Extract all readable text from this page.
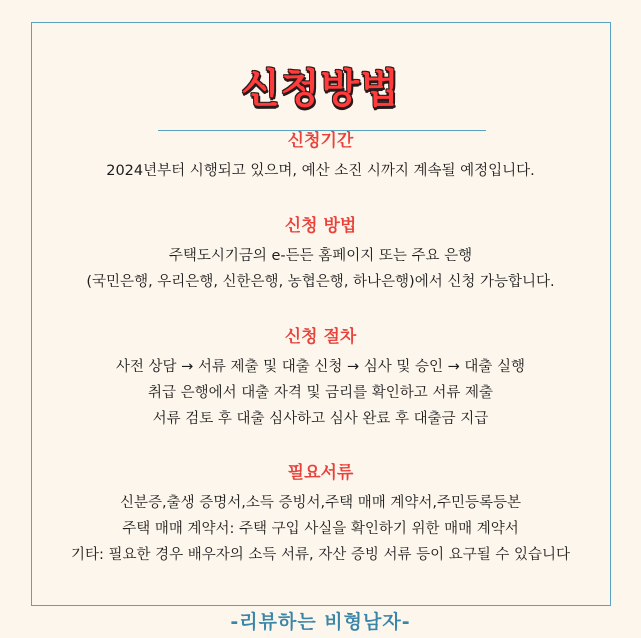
신청방법
신청기간
2024년부터 시행되고 있으며, 예산 소진 시까지 계속될 예정입니다.
신청 방법
주택도시기금의 e-든든 홈페이지 또는 주요 은행
(국민은행, 우리은행, 신한은행, 농협은행, 하나은행)에서 신청 가능합니다.
신청 절차
사전 상담 → 서류 제출 및 대출 신청 → 심사 및 승인 → 대출 실행
취급 은행에서 대출 자격 및 금리를 확인하고 서류 제출
서류 검토 후 대출 심사하고 심사 완료 후 대출금 지급
필요서류
신분증,출생 증명서,소득 증빙서,주택 매매 계약서,주민등록등본
주택 매매 계약서: 주택 구입 사실을 확인하기 위한 매매 계약서
기타: 필요한 경우 배우자의 소득 서류, 자산 증빙 서류 등이 요구될 수 있습니다
-리뷰하는 비형남자-
